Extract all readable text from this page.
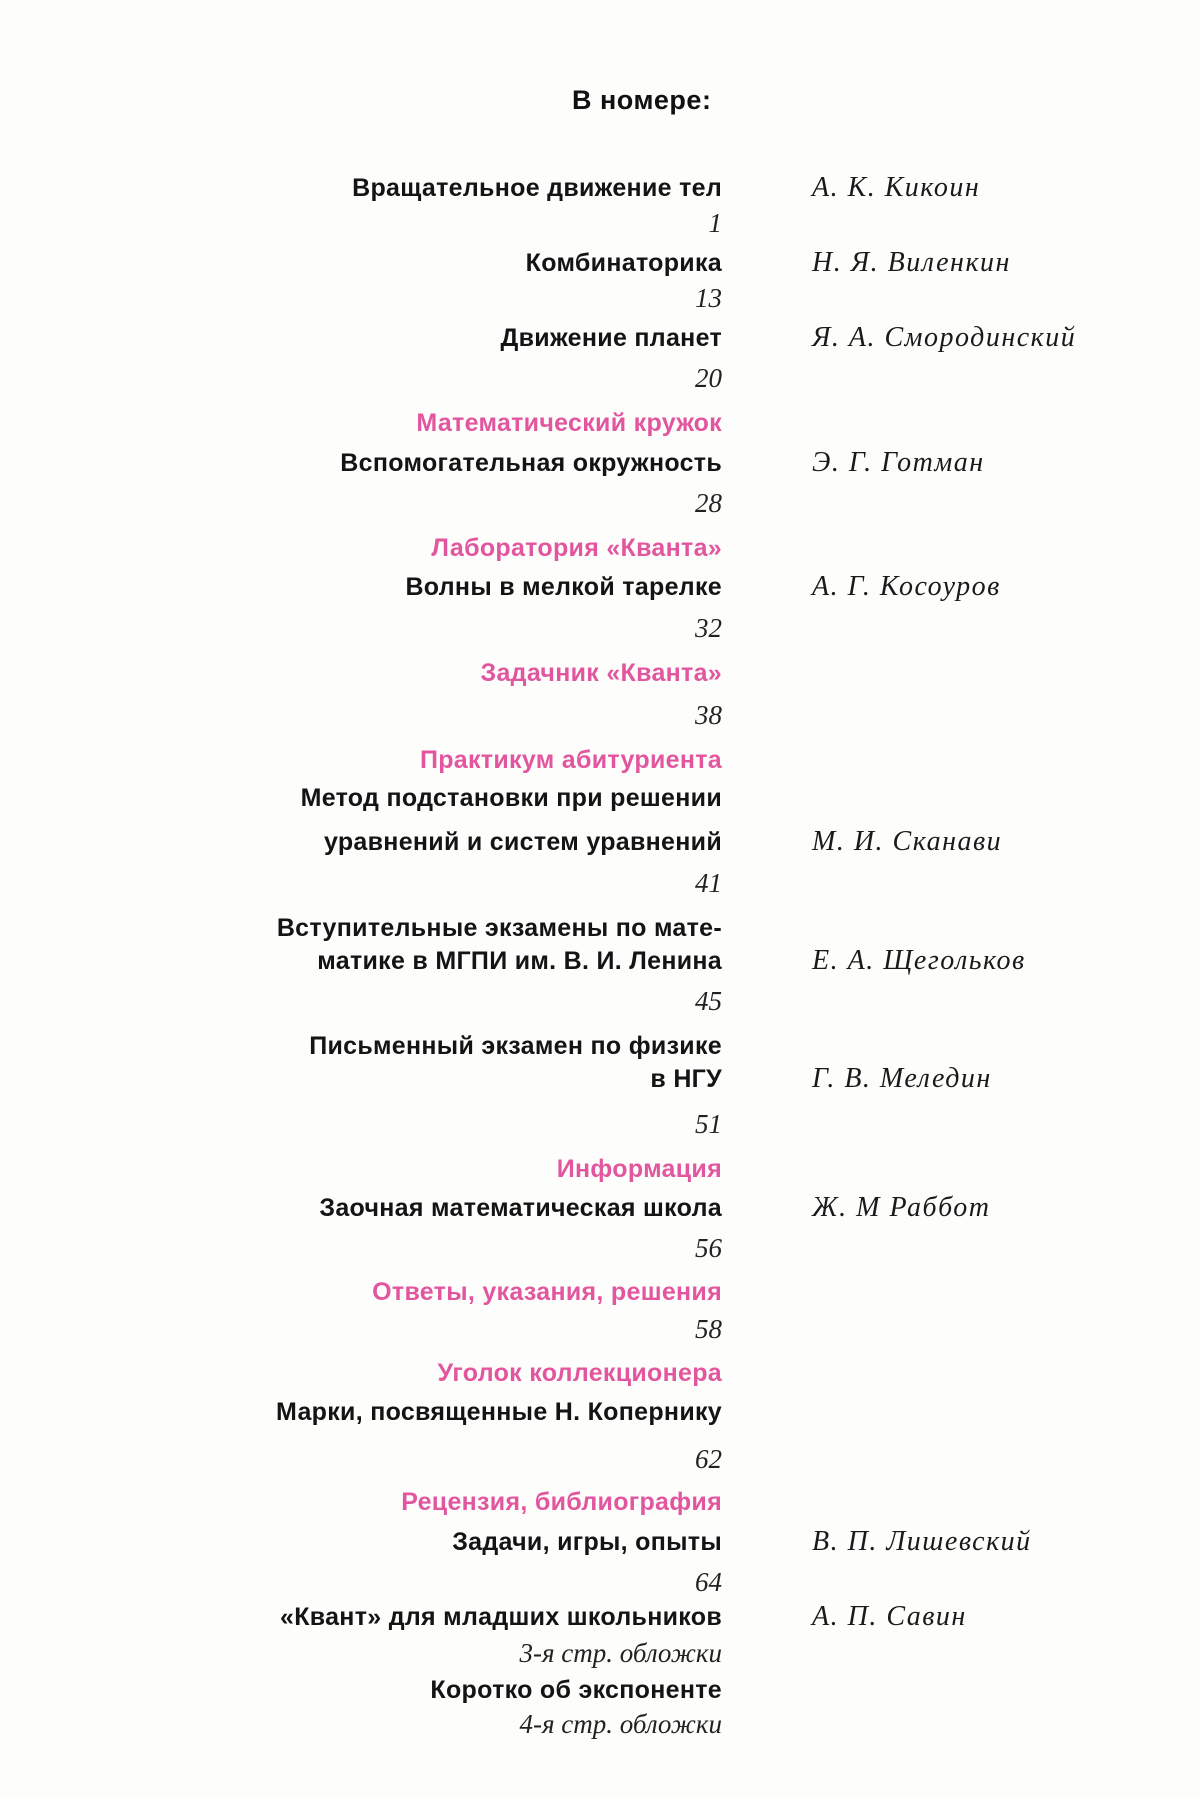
В номере:
Вращательное движение тел	А. К. Кикоин
1
Комбинаторика	Н. Я. Виленкин
13
Движение планет	Я. А. Смородинский
20
Математический кружок
Вспомогательная окружность	Э. Г. Готман
28
Лаборатория «Кванта»
Волны в мелкой тарелке	А. Г. Косоуров
32
Задачник «Кванта»
38
Практикум абитуриента
Метод подстановки при решении
уравнений и систем уравнений	М. И. Сканави
41
Вступительные экзамены по мате-
матике в МГПИ им. В. И. Ленина	Е. А. Щегольков
45
Письменный экзамен по физике
в НГУ	Г. В. Меледин
51
Информация
Заочная математическая школа	Ж. М Раббот
56
Ответы, указания, решения
58
Уголок коллекционера
Марки, посвященные Н. Копернику
62
Рецензия, библиография
Задачи, игры, опыты	В. П. Лишевский
64
«Квант» для младших школьников	А. П. Савин
3-я стр. обложки
Коротко об экспоненте
4-я стр. обложки
